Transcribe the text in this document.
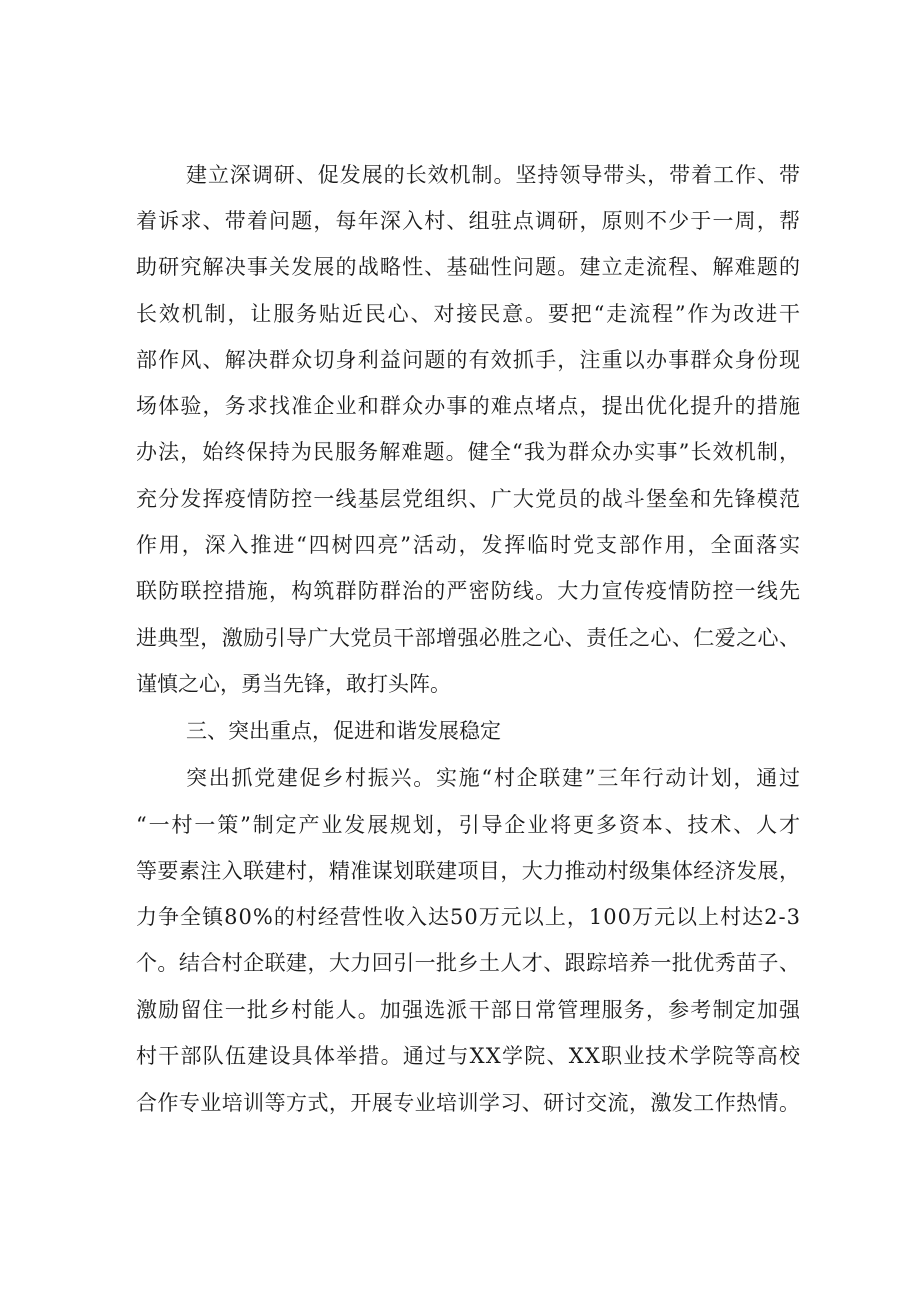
建立深调研、促发展的长效机制。坚持领导带头，带着工作、带
着诉求、带着问题，每年深入村、组驻点调研，原则不少于一周，帮
助研究解决事关发展的战略性、基础性问题。建立走流程、解难题的
长效机制，让服务贴近民心、对接民意。要把“走流程”作为改进干
部作风、解决群众切身利益问题的有效抓手，注重以办事群众身份现
场体验，务求找准企业和群众办事的难点堵点，提出优化提升的措施
办法，始终保持为民服务解难题。健全“我为群众办实事”长效机制，
充分发挥疫情防控一线基层党组织、广大党员的战斗堡垒和先锋模范
作用，深入推进“四树四亮”活动，发挥临时党支部作用，全面落实
联防联控措施，构筑群防群治的严密防线。大力宣传疫情防控一线先
进典型，激励引导广大党员干部增强必胜之心、责任之心、仁爱之心、
谨慎之心，勇当先锋，敢打头阵。
三、突出重点，促进和谐发展稳定
突出抓党建促乡村振兴。实施“村企联建”三年行动计划，通过
“一村一策”制定产业发展规划，引导企业将更多资本、技术、人才
等要素注入联建村，精准谋划联建项目，大力推动村级集体经济发展，
力争全镇80%的村经营性收入达50万元以上，100万元以上村达2-3
个。结合村企联建，大力回引一批乡土人才、跟踪培养一批优秀苗子、
激励留住一批乡村能人。加强选派干部日常管理服务，参考制定加强
村干部队伍建设具体举措。通过与XX学院、XX职业技术学院等高校
合作专业培训等方式，开展专业培训学习、研讨交流，激发工作热情。
